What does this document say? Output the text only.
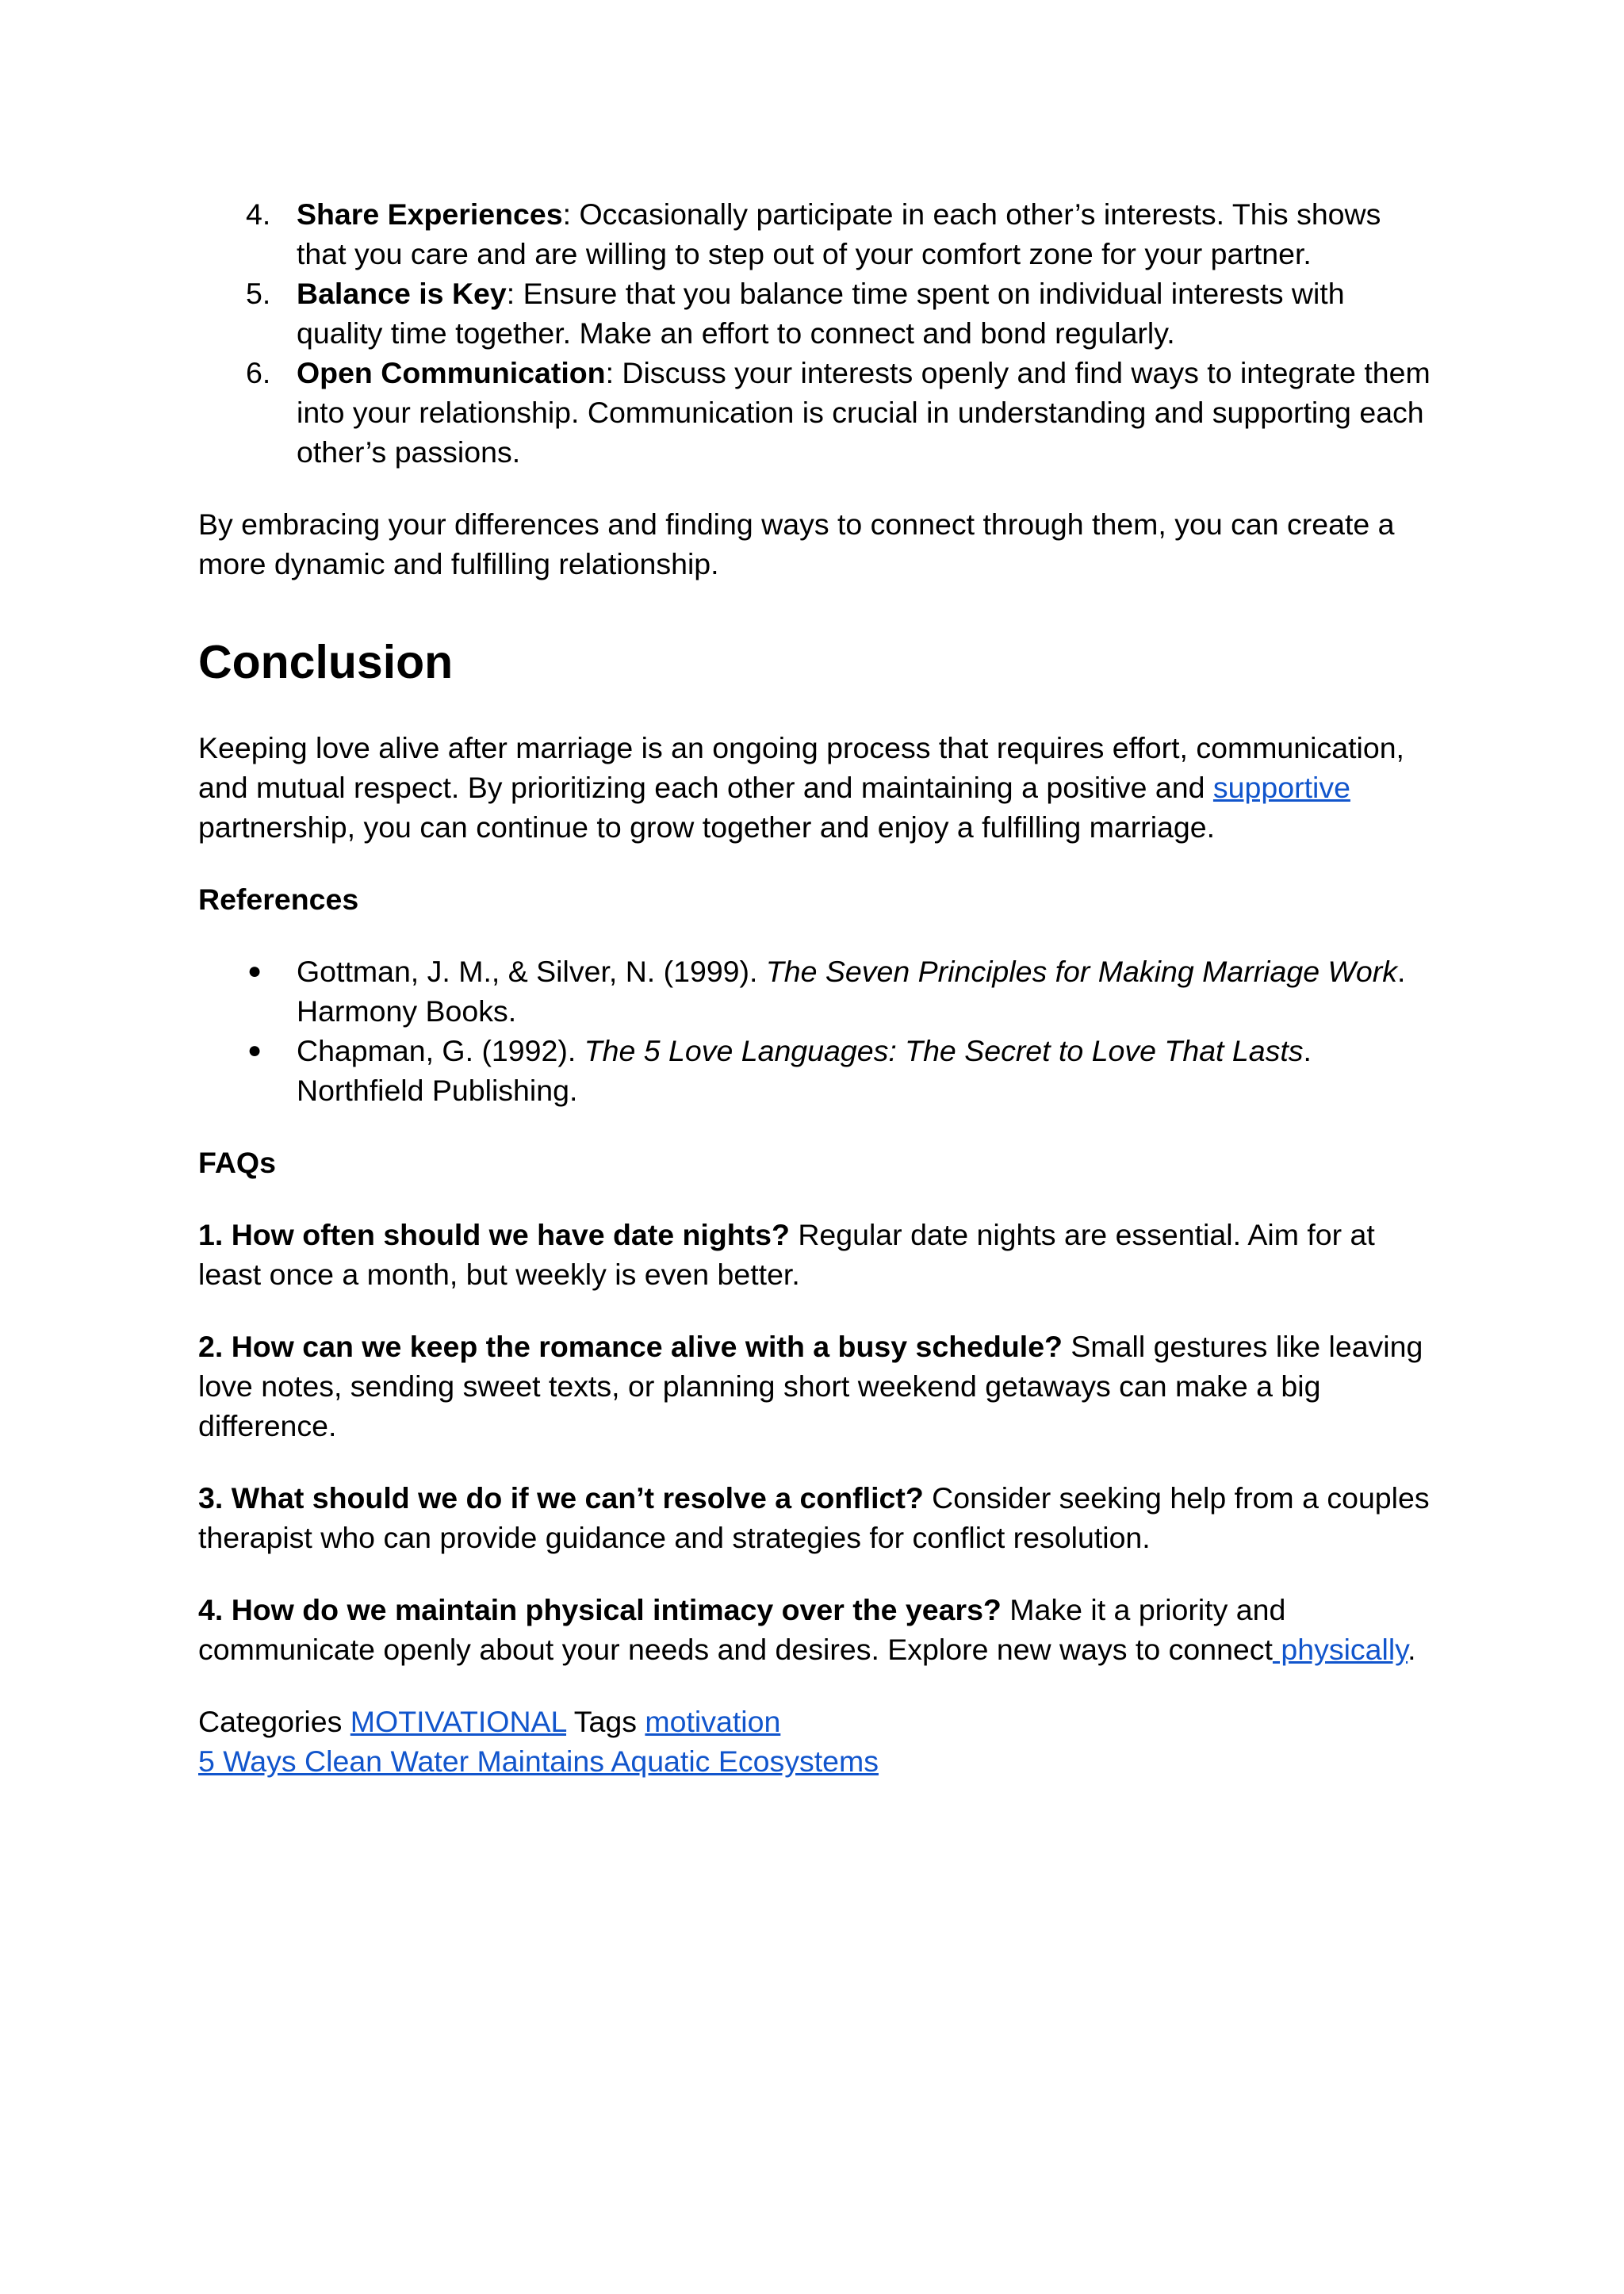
4. Share Experiences: Occasionally participate in each other’s interests. This shows that you care and are willing to step out of your comfort zone for your partner.
5. Balance is Key: Ensure that you balance time spent on individual interests with quality time together. Make an effort to connect and bond regularly.
6. Open Communication: Discuss your interests openly and find ways to integrate them into your relationship. Communication is crucial in understanding and supporting each other’s passions.

By embracing your differences and finding ways to connect through them, you can create a more dynamic and fulfilling relationship.

Conclusion

Keeping love alive after marriage is an ongoing process that requires effort, communication, and mutual respect. By prioritizing each other and maintaining a positive and supportive partnership, you can continue to grow together and enjoy a fulfilling marriage.

References

● Gottman, J. M., & Silver, N. (1999). The Seven Principles for Making Marriage Work. Harmony Books.
● Chapman, G. (1992). The 5 Love Languages: The Secret to Love That Lasts. Northfield Publishing.

FAQs

1. How often should we have date nights? Regular date nights are essential. Aim for at least once a month, but weekly is even better.

2. How can we keep the romance alive with a busy schedule? Small gestures like leaving love notes, sending sweet texts, or planning short weekend getaways can make a big difference.

3. What should we do if we can’t resolve a conflict? Consider seeking help from a couples therapist who can provide guidance and strategies for conflict resolution.

4. How do we maintain physical intimacy over the years? Make it a priority and communicate openly about your needs and desires. Explore new ways to connect physically.

Categories MOTIVATIONAL Tags motivation

5 Ways Clean Water Maintains Aquatic Ecosystems
